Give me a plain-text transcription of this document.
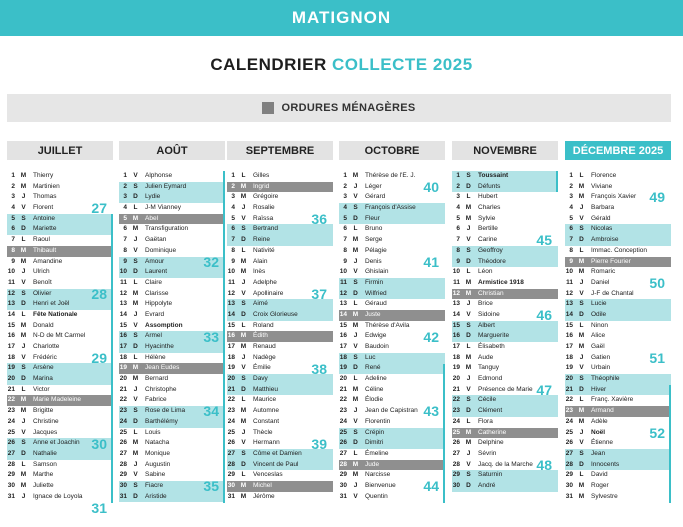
MATIGNON
CALENDRIER COLLECTE 2025
ORDURES MÉNAGÈRES
JUILLET
1 M	Thierry
2 M	Martinien
3	J	Thomas
4 V	Florent
5 S	Antoine
6 D	Mariette
7	L	Raoul
8 M	Thibault
9 M	Amandine
10	J	Ulrich
11 V	Benoît
12 S	Olivier
13 D	Henri et Joël
14	L	Fête Nationale
15 M	Donald
16 M	N-D de Mt Carmel
17	J	Charlotte
18 V	Frédéric
19 S	Arsène
20 D	Marina
21	L	Victor
22 M	Marie Madeleine
23 M	Brigitte
24	J	Christine
25 V	Jacques
26 S	Anne et Joachin
27 D	Nathalie
28	L	Samson
29 M	Marthe
30 M	Juliette
31	J	Ignace de Loyola
27
28
29
30
31
AOÛT
1 V	Alphonse
2 S	Julien Eymard
3 D	Lydie
4	L	J-M Vianney
5 M	Abel
6 M	Transfiguration
7	J	Gaëtan
8 V	Dominique
9 S	Amour
10 D	Laurent
11	L	Claire
12 M	Clarisse
13 M	Hippolyte
14	J	Evrard
15 V	Assomption
16 S	Armel
17 D	Hyacinthe
18	L	Hélène
19 M	Jean Eudes
20 M	Bernard
21	J	Christophe
22 V	Fabrice
23 S	Rose de Lima
24 D	Barthélémy
25	L	Louis
26 M	Natacha
27 M	Monique
28	J	Augustin
29 V	Sabine
30 S	Fiacre
31 D	Aristide
32
33
34
35
SEPTEMBRE
1	L	Gilles
2 M	Ingrid
3 M	Grégoire
4	J	Rosalie
5 V	Raïssa
6 S	Bertrand
7 D	Reine
8	L	Nativité
9 M	Alain
10 M	Inès
11	J	Adelphe
12 V	Apollinaire
13 S	Aimé
14 D	Croix Glorieuse
15	L	Roland
16 M	Édith
17 M	Renaud
18	J	Nadège
19 V	Émilie
20 S	Davy
21 D	Matthieu
22	L	Maurice
23 M	Automne
24 M	Constant
25	J	Thècle
26 V	Hermann
27 S	Côme et Damien
28 D	Vincent de Paul
29	L	Venceslas
30 M	Michel
31 M	Jérôme
36
37
38
39
OCTOBRE
1 M	Thérèse de l'E. J.
2	J	Léger
3 V	Gérard
4 S	François d'Assise
5 D	Fleur
6	L	Bruno
7 M	Serge
8 M	Pélagie
9	J	Denis
10 V	Ghislain
11 S	Firmin
12 D	Wilfried
13	L	Géraud
14 M	Juste
15 M	Thérèse d'Avila
16	J	Edwige
17 V	Baudoin
18 S	Luc
19 D	René
20	L	Adeline
21 M	Céline
22 M	Élodie
23	J	Jean de Capistran
24 V	Florentin
25 S	Crépin
26 D	Dimitri
27	L	Émeline
28 M	Jude
29 M	Narcisse
30	J	Bienvenue
31 V	Quentin
40
41
42
43
44
NOVEMBRE
1 S	Toussaint
2 D	Défunts
3	L	Hubert
4 M	Charles
5 M	Sylvie
6	J	Bertille
7 V	Carine
8 S	Geoffroy
9 D	Théodore
10	L	Léon
11 M	Armistice 1918
12 M	Christian
13	J	Brice
14 V	Sidoine
15 S	Albert
16 D	Marguerite
17	L	Élisabeth
18 M	Aude
19 M	Tanguy
20	J	Edmond
21 V	Présence de Marie
22 S	Cécile
23 D	Clément
24	L	Flora
25 M	Catherine
26 M	Delphine
27	J	Sévrin
28 V	Jacq. de la Marche
29 S	Saturnin
30 D	André
45
46
47
48
DÉCEMBRE 2025
1	L	Florence
2 M	Viviane
3 M	François Xavier
4	J	Barbara
5 V	Gérald
6 S	Nicolas
7 D	Ambroise
8	L	Immac. Conception
9 M	Pierre Fourier
10 M	Romaric
11	J	Daniel
12 V	J-F de Chantal
13 S	Lucie
14 D	Odile
15	L	Ninon
16 M	Alice
17 M	Gaël
18	J	Gatien
19 V	Urbain
20 S	Théophile
21 D	Hiver
22	L	Franç. Xavière
23 M	Armand
24 M	Adèle
25	J	Noël
26 V	Étienne
27 S	Jean
28 D	Innocents
29	L	David
30 M	Roger
31 M	Sylvestre
49
50
51
52
